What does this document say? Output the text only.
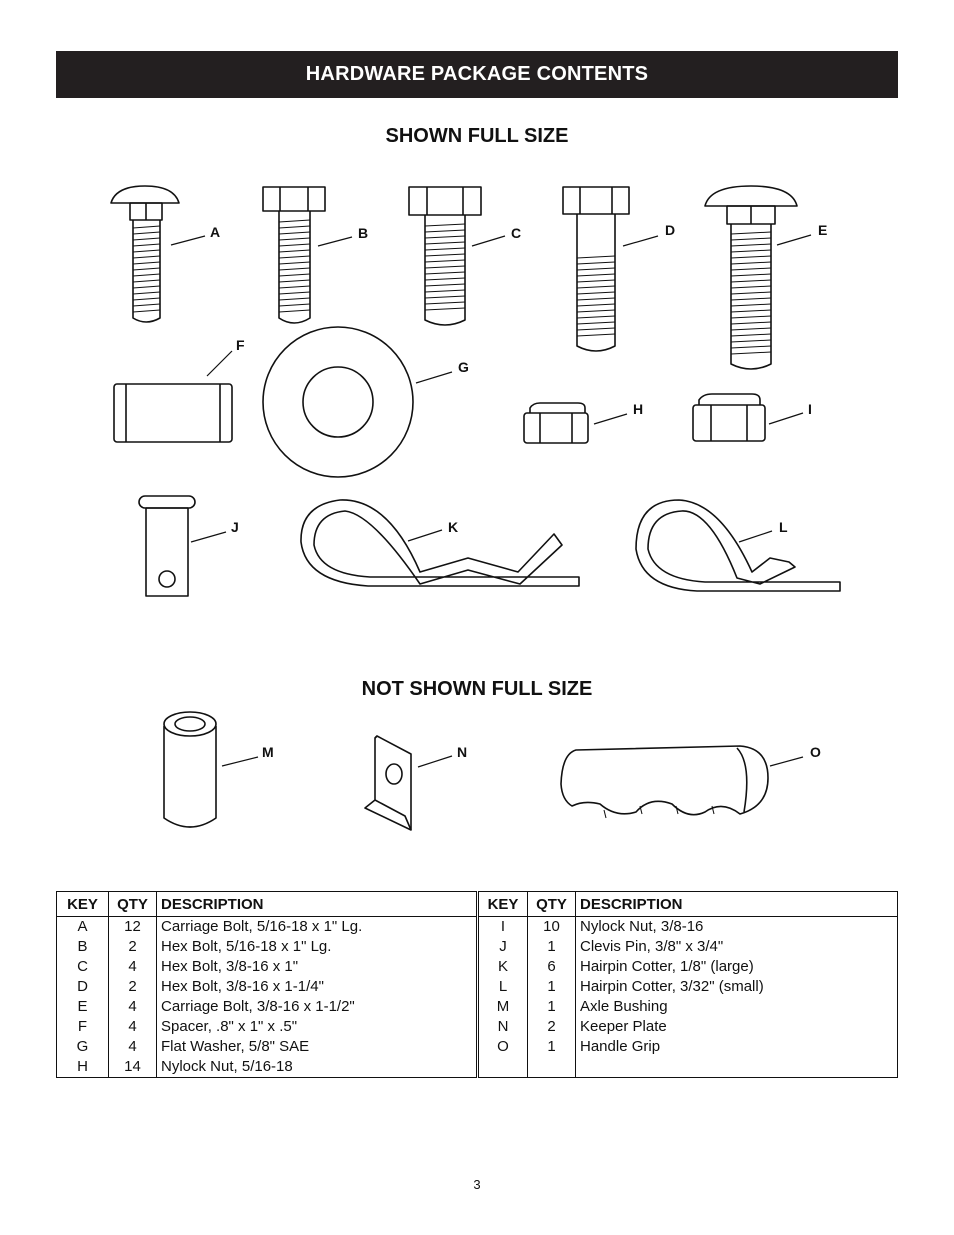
HARDWARE PACKAGE CONTENTS
SHOWN FULL SIZE
NOT SHOWN FULL SIZE
A	B	C	D	E
F
G
H	I
J	K	L
M	N	O
KEY	QTY	DESCRIPTION	KEY	QTY	DESCRIPTION
A	12	Carriage Bolt, 5/16-18 x 1" Lg.	I	10	Nylock Nut, 3/8-16
B	2	Hex Bolt, 5/16-18 x 1" Lg.	J	1	Clevis Pin, 3/8" x 3/4"
C	4	Hex Bolt, 3/8-16 x 1"	K	6	Hairpin Cotter, 1/8" (large)
D	2	Hex Bolt, 3/8-16 x 1-1/4"	L	1	Hairpin Cotter, 3/32" (small)
E	4	Carriage Bolt, 3/8-16 x 1-1/2"	M	1	Axle Bushing
F	4	Spacer, .8" x 1" x .5"	N	2	Keeper Plate
G	4	Flat Washer, 5/8" SAE	O	1	Handle Grip
H	14	Nylock Nut, 5/16-18			
3
